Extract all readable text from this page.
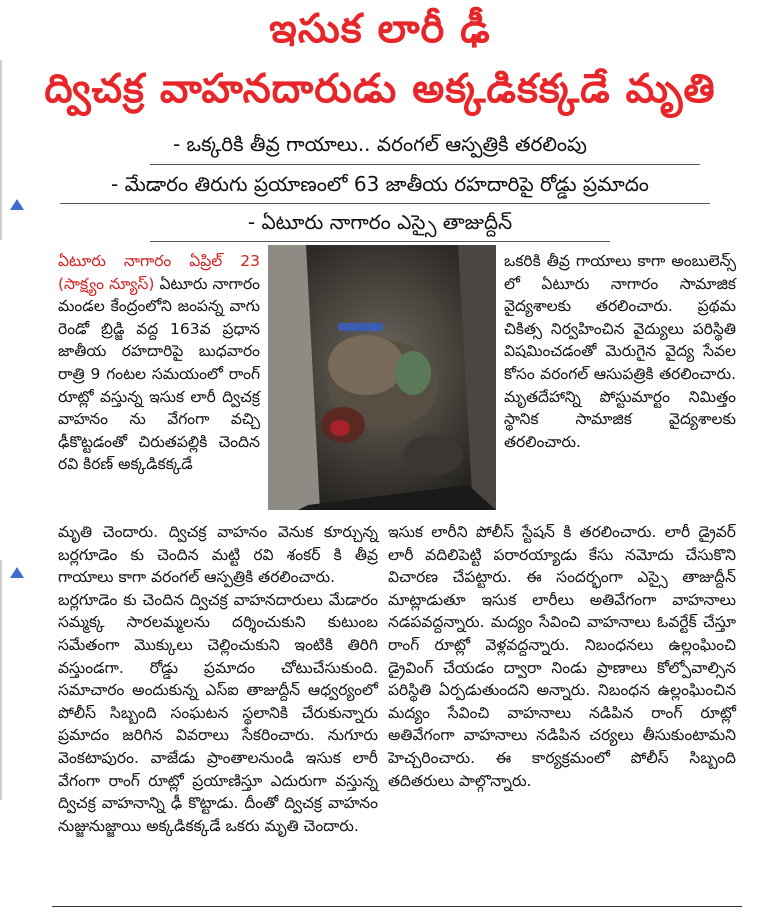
ఇసుక లారీ ఢీ
ద్విచక్ర వాహనదారుడు అక్కడికక్కడే మృతి
- ఒక్కరికి తీవ్ర గాయాలు.. వరంగల్ ఆస్పత్రికి తరలింపు
- మేడారం తిరుగు ప్రయాణంలో 63 జాతీయ రహదారిపై రోడ్డు ప్రమాదం
- ఏటూరు నాగారం ఎస్సై తాజుద్దీన్

ఏటూరు నాగారం ఏప్రిల్ 23 (సాక్ష్యం న్యూస్) ఏటూరు నాగారం మండల కేంద్రంలోని జంపన్న వాగు రెండో బ్రిడ్జి వద్ద 163వ ప్రధాన జాతీయ రహదారిపై బుధవారం రాత్రి 9 గంటల సమయంలో రాంగ్ రూట్లో వస్తున్న ఇసుక లారీ ద్విచక్ర వాహనం ను వేగంగా వచ్చి ఢీకొట్టడంతో చిరుతపల్లికి చెందిన రవి కిరణ్ అక్కడికక్కడే

ఒకరికి తీవ్ర గాయాలు కాగా అంబులెన్స్ లో ఏటూరు నాగారం సామాజిక వైద్యశాలకు తరలించారు. ప్రథమ చికిత్స నిర్వహించిన వైద్యులు పరిస్థితి విషమించడంతో మెరుగైన వైద్య సేవల కోసం వరంగల్ ఆసుపత్రికి తరలించారు. మృతదేహాన్ని పోస్టుమార్టం నిమిత్తం స్థానిక సామాజిక వైద్యశాలకు తరలించారు.

మృతి చెందారు. ద్విచక్ర వాహనం వెనుక కూర్చున్న బర్లగూడెం కు చెందిన మట్టి రవి శంకర్ కి తీవ్ర గాయాలు కాగా వరంగల్ ఆస్పత్రికి తరలించారు.

బర్లగూడెం కు చెందిన ద్విచక్ర వాహనదారులు మేడారం సమ్మక్క సారలమ్మలను దర్శించుకుని కుటుంబ సమేతంగా మొక్కులు చెల్లించుకుని ఇంటికి తిరిగి వస్తుండగా. రోడ్డు ప్రమాదం చోటుచేసుకుంది. సమాచారం అందుకున్న ఎస్ఐ తాజుద్దీన్ ఆధ్వర్యంలో పోలీస్ సిబ్బంది సంఘటన స్థలానికి చేరుకున్నారు ప్రమాదం జరిగిన వివరాలు సేకరించారు. నుగూరు వెంకటాపురం. వాజేడు ప్రాంతాలనుండి ఇసుక లారీ వేగంగా రాంగ్ రూట్లో ప్రయాణిస్తూ ఎదురుగా వస్తున్న ద్విచక్ర వాహనాన్ని ఢీ కొట్టాడు. దీంతో ద్విచక్ర వాహనం నుజ్జునుజ్జాయి అక్కడికక్కడే ఒకరు మృతి చెందారు.

ఇసుక లారీని పోలీస్ స్టేషన్ కి తరలించారు. లారీ డ్రైవర్ లారీ వదిలిపెట్టి పరారయ్యాడు కేసు నమోదు చేసుకొని విచారణ చేపట్టారు. ఈ సందర్భంగా ఎస్సై తాజుద్దీన్ మాట్లాడుతూ ఇసుక లారీలు అతివేగంగా వాహనాలు నడపవద్దన్నారు. మద్యం సేవించి వాహనాలు ఓవర్టేక్ చేస్తూ రాంగ్ రూట్లో వెళ్లవద్దన్నారు. నిబంధనలు ఉల్లంఘించి డ్రైవింగ్ చేయడం ద్వారా నిండు ప్రాణాలు కోల్పోవాల్సిన పరిస్థితి ఏర్పడుతుందని అన్నారు. నిబంధన ఉల్లంఘించిన మద్యం సేవించి వాహనాలు నడిపిన రాంగ్ రూట్లో అతివేగంగా వాహనాలు నడిపిన చర్యలు తీసుకుంటామని హెచ్చరించారు. ఈ కార్యక్రమంలో పోలీస్ సిబ్బంది తదితరులు పాల్గొన్నారు.
